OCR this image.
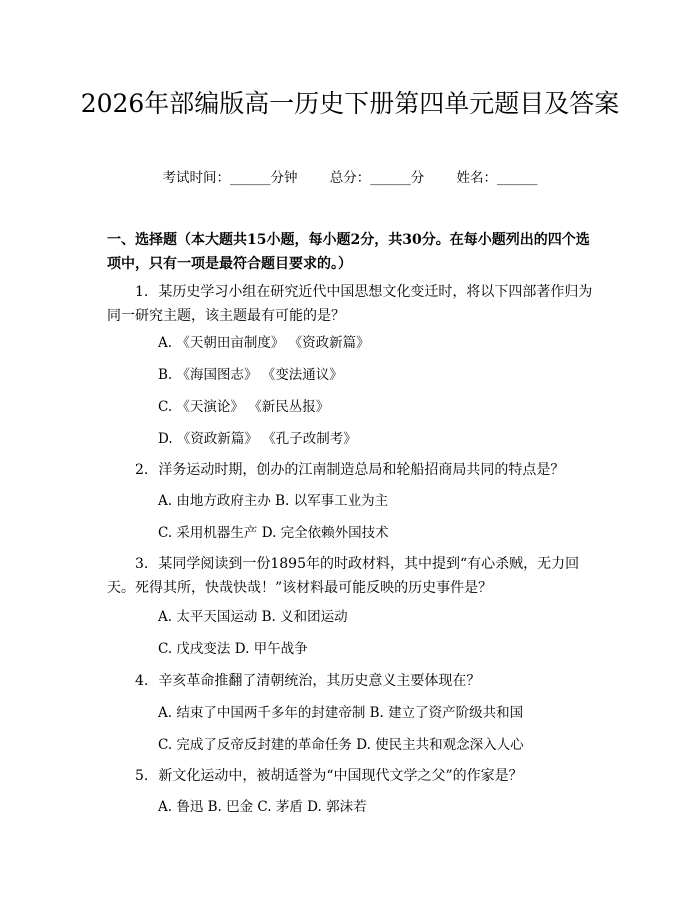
2026年部编版高一历史下册第四单元题目及答案
考试时间：______分钟 总分：______分 姓名：______

一、选择题（本大题共15小题，每小题2分，共30分。在每小题列出的四个选项中，只有一项是最符合题目要求的。）

1. 某历史学习小组在研究近代中国思想文化变迁时，将以下四部著作归为同一研究主题，该主题最有可能的是？

A. 《天朝田亩制度》 《资政新篇》

B. 《海国图志》 《变法通议》

C. 《天演论》 《新民丛报》

D. 《资政新篇》 《孔子改制考》

2. 洋务运动时期，创办的江南制造总局和轮船招商局共同的特点是？

A. 由地方政府主办 B. 以军事工业为主

C. 采用机器生产 D. 完全依赖外国技术

3. 某同学阅读到一份1895年的时政材料，其中提到“有心杀贼，无力回天。死得其所，快哉快哉！”该材料最可能反映的历史事件是？

A. 太平天国运动 B. 义和团运动

C. 戊戌变法 D. 甲午战争

4. 辛亥革命推翻了清朝统治，其历史意义主要体现在？

A. 结束了中国两千多年的封建帝制 B. 建立了资产阶级共和国

C. 完成了反帝反封建的革命任务 D. 使民主共和观念深入人心

5. 新文化运动中，被胡适誉为“中国现代文学之父”的作家是？

A. 鲁迅 B. 巴金 C. 茅盾 D. 郭沫若
